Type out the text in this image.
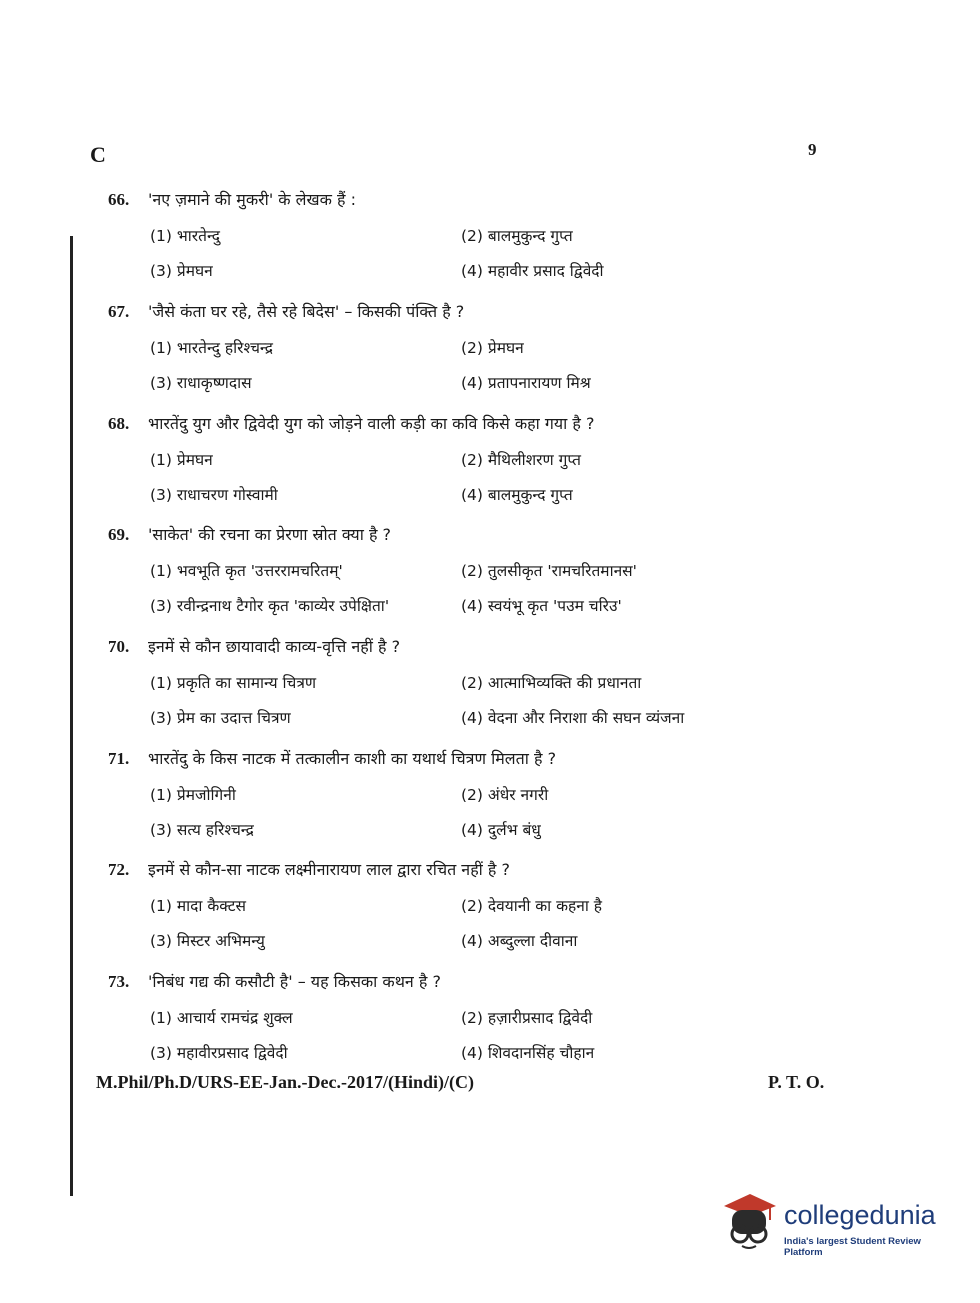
C	9
66. 'नए ज़माने की मुकरी' के लेखक हैं :
(1) भारतेन्दु	(2) बालमुकुन्द गुप्त
(3) प्रेमघन	(4) महावीर प्रसाद द्विवेदी
67. 'जैसे कंता घर रहे, तैसे रहे बिदेस' – किसकी पंक्ति है ?
(1) भारतेन्दु हरिश्चन्द्र	(2) प्रेमघन
(3) राधाकृष्णदास	(4) प्रतापनारायण मिश्र
68. भारतेंदु युग और द्विवेदी युग को जोड़ने वाली कड़ी का कवि किसे कहा गया है ?
(1) प्रेमघन	(2) मैथिलीशरण गुप्त
(3) राधाचरण गोस्वामी	(4) बालमुकुन्द गुप्त
69. 'साकेत' की रचना का प्रेरणा स्रोत क्या है ?
(1) भवभूति कृत 'उत्तररामचरितम्'	(2) तुलसीकृत 'रामचरितमानस'
(3) रवीन्द्रनाथ टैगोर कृत 'काव्येर उपेक्षिता'	(4) स्वयंभू कृत 'पउम चरिउ'
70. इनमें से कौन छायावादी काव्य-वृत्ति नहीं है ?
(1) प्रकृति का सामान्य चित्रण	(2) आत्माभिव्यक्ति की प्रधानता
(3) प्रेम का उदात्त चित्रण	(4) वेदना और निराशा की सघन व्यंजना
71. भारतेंदु के किस नाटक में तत्कालीन काशी का यथार्थ चित्रण मिलता है ?
(1) प्रेमजोगिनी	(2) अंधेर नगरी
(3) सत्य हरिश्चन्द्र	(4) दुर्लभ बंधु
72. इनमें से कौन-सा नाटक लक्ष्मीनारायण लाल द्वारा रचित नहीं है ?
(1) मादा कैक्टस	(2) देवयानी का कहना है
(3) मिस्टर अभिमन्यु	(4) अब्दुल्ला दीवाना
73. 'निबंध गद्य की कसौटी है' – यह किसका कथन है ?
(1) आचार्य रामचंद्र शुक्ल	(2) हज़ारीप्रसाद द्विवेदी
(3) महावीरप्रसाद द्विवेदी	(4) शिवदानसिंह चौहान
M.Phil/Ph.D/URS-EE-Jan.-Dec.-2017/(Hindi)/(C)	P. T. O.
collegedunia
India's largest Student Review Platform
